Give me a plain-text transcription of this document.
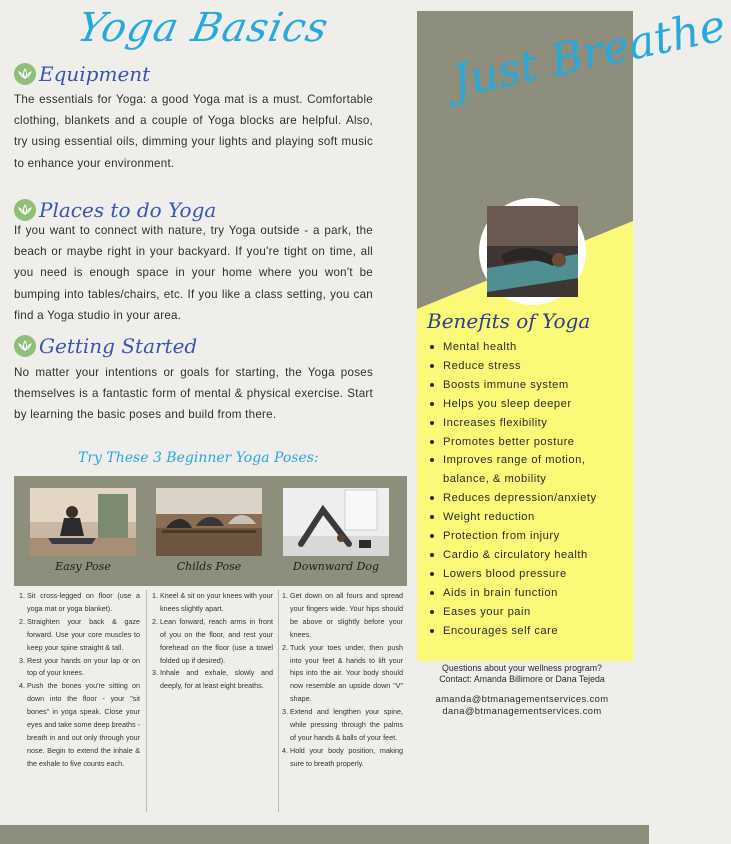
Yoga Basics
Equipment

The essentials for Yoga: a good Yoga mat is a must. Comfortable clothing, blankets and a couple of Yoga blocks are helpful. Also, try using essential oils, dimming your lights and playing soft music to enhance your environment.

Places to do Yoga

If you want to connect with nature, try Yoga outside - a park, the beach or maybe right in your backyard. If you're tight on time, all you need is enough space in your home where you won't be bumping into tables/chairs, etc. If you like a class setting, you can find a Yoga studio in your area.

Getting Started

No matter your intentions or goals for starting, the Yoga poses themselves is a fantastic form of mental & physical exercise. Start by learning the basic poses and build from there.

Try These 3 Beginner Yoga Poses:
Easy Pose	Childs Pose	Downward Dog
1. Sit cross-legged on floor (use a yoga mat or yoga blanket).
2. Straighten your back & gaze forward. Use your core muscles to keep your spine straight & tall.
3. Rest your hands on your lap or on top of your knees.
4. Push the bones you're sitting on down into the floor - your "sit bones" in yoga speak. Close your eyes and take some deep breaths - breath in and out only through your nose. Begin to extend the inhale & the exhale to five counts each.
1. Kneel & sit on your knees with your knees slightly apart.
2. Lean forward, reach arms in front of you on the floor, and rest your forehead on the floor (use a towel folded up if desired).
3. Inhale and exhale, slowly and deeply, for at least eight breaths.
1. Get down on all fours and spread your fingers wide. Your hips should be above or slightly before your knees.
2. Tuck your toes under, then push into your feet & hands to lift your hips into the air. Your body should now resemble an upside down "V" shape.
3. Extend and lengthen your spine, while pressing through the palms of your hands & balls of your feet.
4. Hold your body position, making sure to breath properly.
Just Breathe
Benefits of Yoga
Mental health
Reduce stress
Boosts immune system
Helps you sleep deeper
Increases flexibility
Promotes better posture
Improves range of motion, balance, & mobility
Reduces depression/anxiety
Weight reduction
Protection from injury
Cardio & circulatory health
Lowers blood pressure
Aids in brain function
Eases your pain
Encourages self care
Questions about your wellness program?
Contact: Amanda Billimore or Dana Tejeda
amanda@btmanagementservices.com
dana@btmanagementservices.com
